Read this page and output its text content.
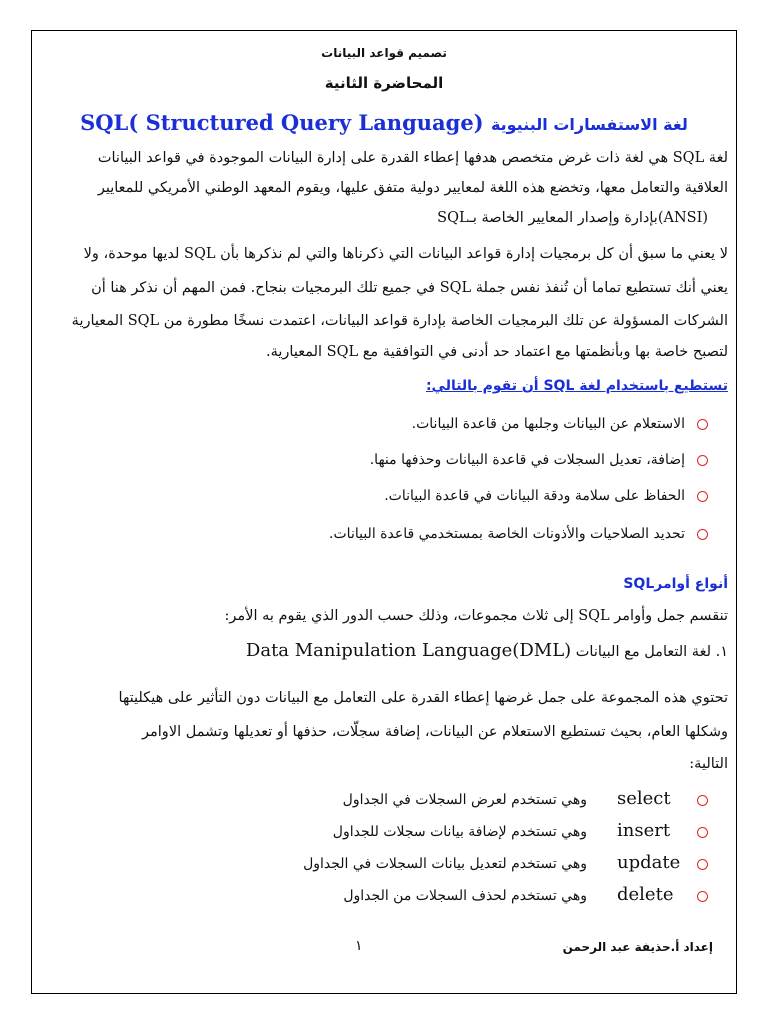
تصميم قواعد البيانات
المحاضرة الثانية
لغة الاستفسارات البنيوية SQL( Structured Query Language)
لغة SQL هي لغة ذات غرض متخصص هدفها إعطاء القدرة على إدارة البيانات الموجودة في قواعد البيانات
العلاقية والتعامل معها، وتخضع هذه اللغة لمعايير دولية متفق عليها، ويقوم المعهد الوطني الأمريكي للمعايير
(ANSI)بإدارة وإصدار المعايير الخاصة بـSQL
لا يعني ما سبق أن كل برمجيات إدارة قواعد البيانات التي ذكرناها والتي لم نذكرها بأن SQL لديها موحدة، ولا
يعني أنك تستطيع تماما أن تُنفذ نفس جملة SQL في جميع تلك البرمجيات بنجاح. فمن المهم أن نذكر هنا أن
الشركات المسؤولة عن تلك البرمجيات الخاصة بإدارة قواعد البيانات، اعتمدت نسخًا مطورة من SQL المعيارية
لتصبح خاصة بها وبأنظمتها مع اعتماد حد أدنى في التوافقية مع SQL المعيارية.
تستطيع باستخدام لغة SQL أن تقوم بالتالي:
الاستعلام عن البيانات وجلبها من قاعدة البيانات.
إضافة، تعديل السجلات في قاعدة البيانات وحذفها منها.
الحفاظ على سلامة ودقة البيانات في قاعدة البيانات.
تحديد الصلاحيات والأذونات الخاصة بمستخدمي قاعدة البيانات.
أنواع أوامرSQL
تنقسم جمل وأوامر SQL إلى ثلاث مجموعات، وذلك حسب الدور الذي يقوم به الأمر:
١. لغة التعامل مع البيانات Data Manipulation Language(DML)
تحتوي هذه المجموعة على جمل غرضها إعطاء القدرة على التعامل مع البيانات دون التأثير على هيكليتها
وشكلها العام، بحيث تستطيع الاستعلام عن البيانات، إضافة سجلّات، حذفها أو تعديلها وتشمل الاوامر
التالية:
selectوهي تستخدم لعرض السجلات في الجداول
insertوهي تستخدم لإضافة بيانات سجلات للجداول
updateوهي تستخدم لتعديل بيانات السجلات في الجداول
deleteوهي تستخدم لحذف السجلات من الجداول
١	إعداد أ.حذيفة عبد الرحمن
